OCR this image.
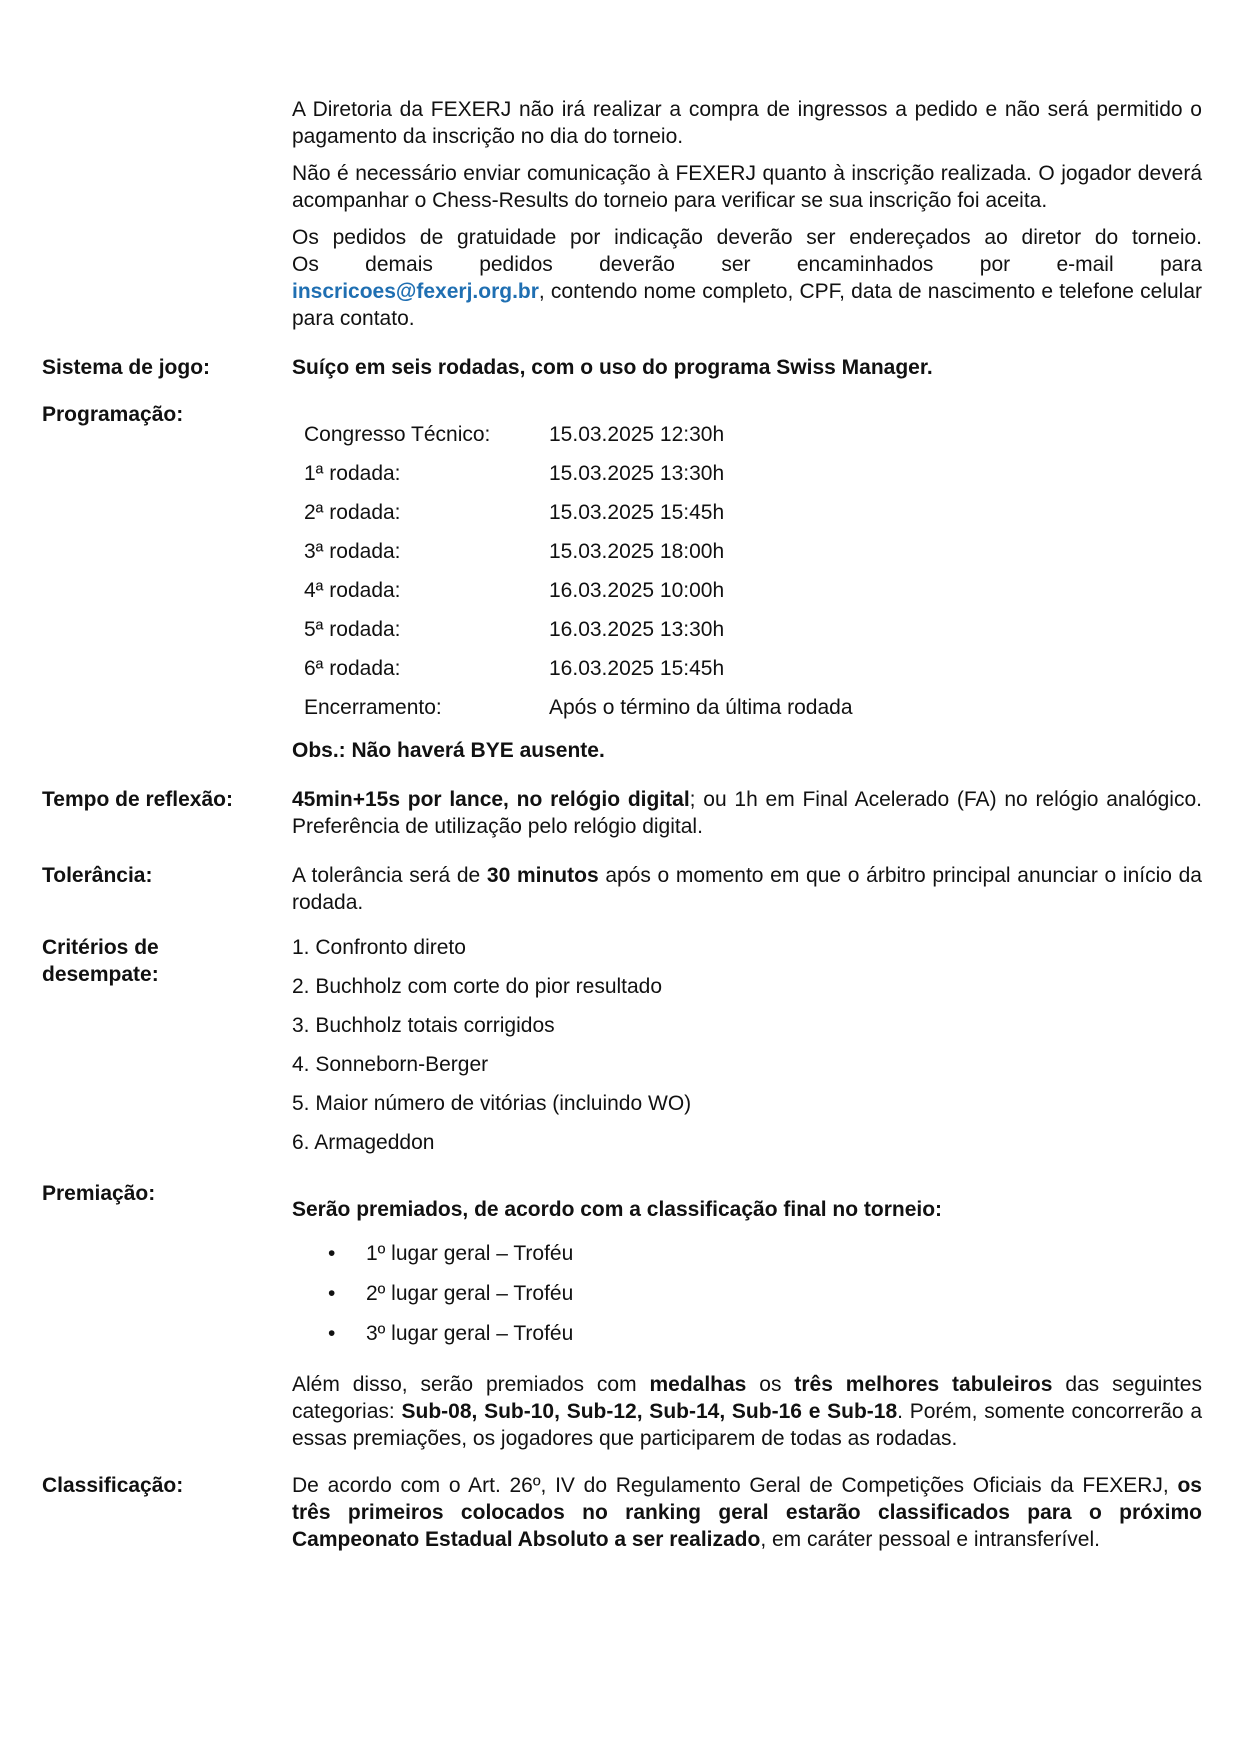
A Diretoria da FEXERJ não irá realizar a compra de ingressos a pedido e não será permitido o pagamento da inscrição no dia do torneio.

Não é necessário enviar comunicação à FEXERJ quanto à inscrição realizada. O jogador deverá acompanhar o Chess-Results do torneio para verificar se sua inscrição foi aceita.

Os pedidos de gratuidade por indicação deverão ser endereçados ao diretor do torneio.
Os demais pedidos deverão ser encaminhados por e-mail para
inscricoes@fexerj.org.br, contendo nome completo, CPF, data de nascimento e telefone celular para contato.

Sistema de jogo:	Suíço em seis rodadas, com o uso do programa Swiss Manager.
Programação:
Congresso Técnico:	15.03.2025 12:30h
1ª rodada:	15.03.2025 13:30h
2ª rodada:	15.03.2025 15:45h
3ª rodada:	15.03.2025 18:00h
4ª rodada:	16.03.2025 10:00h
5ª rodada:	16.03.2025 13:30h
6ª rodada:	16.03.2025 15:45h
Encerramento:	Após o término da última rodada
Obs.: Não haverá BYE ausente.
Tempo de reflexão:	45min+15s por lance, no relógio digital; ou 1h em Final Acelerado (FA) no relógio analógico. Preferência de utilização pelo relógio digital.

Tolerância:	A tolerância será de 30 minutos após o momento em que o árbitro principal anunciar o início da rodada.

Critérios de
desempate:
1. Confronto direto
2. Buchholz com corte do pior resultado
3. Buchholz totais corrigidos
4. Sonneborn-Berger
5. Maior número de vitórias (incluindo WO)
6. Armageddon
Premiação:
Serão premiados, de acordo com a classificação final no torneio:
•	1º lugar geral – Troféu
•	2º lugar geral – Troféu
•	3º lugar geral – Troféu

Além disso, serão premiados com medalhas os três melhores tabuleiros das seguintes categorias: Sub-08, Sub-10, Sub-12, Sub-14, Sub-16 e Sub-18. Porém, somente concorrerão a essas premiações, os jogadores que participarem de todas as rodadas.

Classificação:	De acordo com o Art. 26º, IV do Regulamento Geral de Competições Oficiais da FEXERJ, os três primeiros colocados no ranking geral estarão classificados para o próximo Campeonato Estadual Absoluto a ser realizado, em caráter pessoal e intransferível.
